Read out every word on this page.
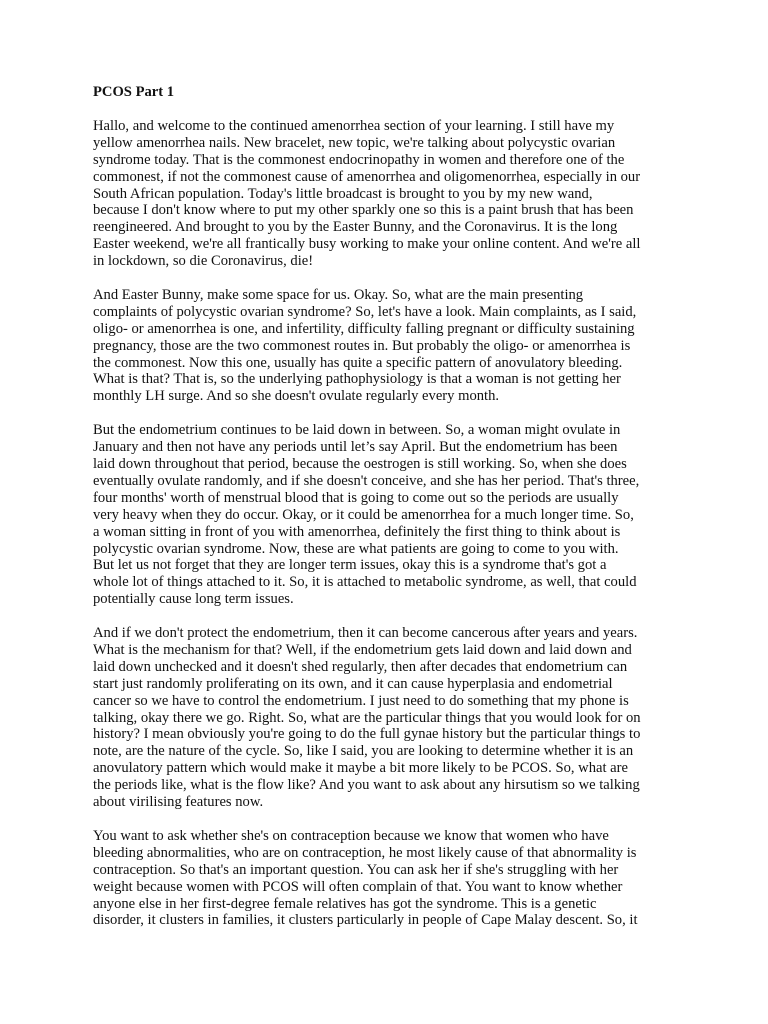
PCOS Part 1
Hallo, and welcome to the continued amenorrhea section of your learning. I still have my
yellow amenorrhea nails. New bracelet, new topic, we're talking about polycystic ovarian
syndrome today. That is the commonest endocrinopathy in women and therefore one of the
commonest, if not the commonest cause of amenorrhea and oligomenorrhea, especially in our
South African population. Today's little broadcast is brought to you by my new wand,
because I don't know where to put my other sparkly one so this is a paint brush that has been
reengineered. And brought to you by the Easter Bunny, and the Coronavirus. It is the long
Easter weekend, we're all frantically busy working to make your online content. And we're all
in lockdown, so die Coronavirus, die!
And Easter Bunny, make some space for us. Okay. So, what are the main presenting
complaints of polycystic ovarian syndrome? So, let's have a look. Main complaints, as I said,
oligo- or amenorrhea is one, and infertility, difficulty falling pregnant or difficulty sustaining
pregnancy, those are the two commonest routes in. But probably the oligo- or amenorrhea is
the commonest. Now this one, usually has quite a specific pattern of anovulatory bleeding.
What is that? That is, so the underlying pathophysiology is that a woman is not getting her
monthly LH surge. And so she doesn't ovulate regularly every month.
But the endometrium continues to be laid down in between. So, a woman might ovulate in
January and then not have any periods until let’s say April. But the endometrium has been
laid down throughout that period, because the oestrogen is still working. So, when she does
eventually ovulate randomly, and if she doesn't conceive, and she has her period. That's three,
four months' worth of menstrual blood that is going to come out so the periods are usually
very heavy when they do occur. Okay, or it could be amenorrhea for a much longer time. So,
a woman sitting in front of you with amenorrhea, definitely the first thing to think about is
polycystic ovarian syndrome. Now, these are what patients are going to come to you with.
But let us not forget that they are longer term issues, okay this is a syndrome that's got a
whole lot of things attached to it. So, it is attached to metabolic syndrome, as well, that could
potentially cause long term issues.
And if we don't protect the endometrium, then it can become cancerous after years and years.
What is the mechanism for that? Well, if the endometrium gets laid down and laid down and
laid down unchecked and it doesn't shed regularly, then after decades that endometrium can
start just randomly proliferating on its own, and it can cause hyperplasia and endometrial
cancer so we have to control the endometrium. I just need to do something that my phone is
talking, okay there we go. Right. So, what are the particular things that you would look for on
history? I mean obviously you're going to do the full gynae history but the particular things to
note, are the nature of the cycle. So, like I said, you are looking to determine whether it is an
anovulatory pattern which would make it maybe a bit more likely to be PCOS. So, what are
the periods like, what is the flow like? And you want to ask about any hirsutism so we talking
about virilising features now.
You want to ask whether she's on contraception because we know that women who have
bleeding abnormalities, who are on contraception, he most likely cause of that abnormality is
contraception. So that's an important question. You can ask her if she's struggling with her
weight because women with PCOS will often complain of that. You want to know whether
anyone else in her first-degree female relatives has got the syndrome. This is a genetic
disorder, it clusters in families, it clusters particularly in people of Cape Malay descent. So, it
